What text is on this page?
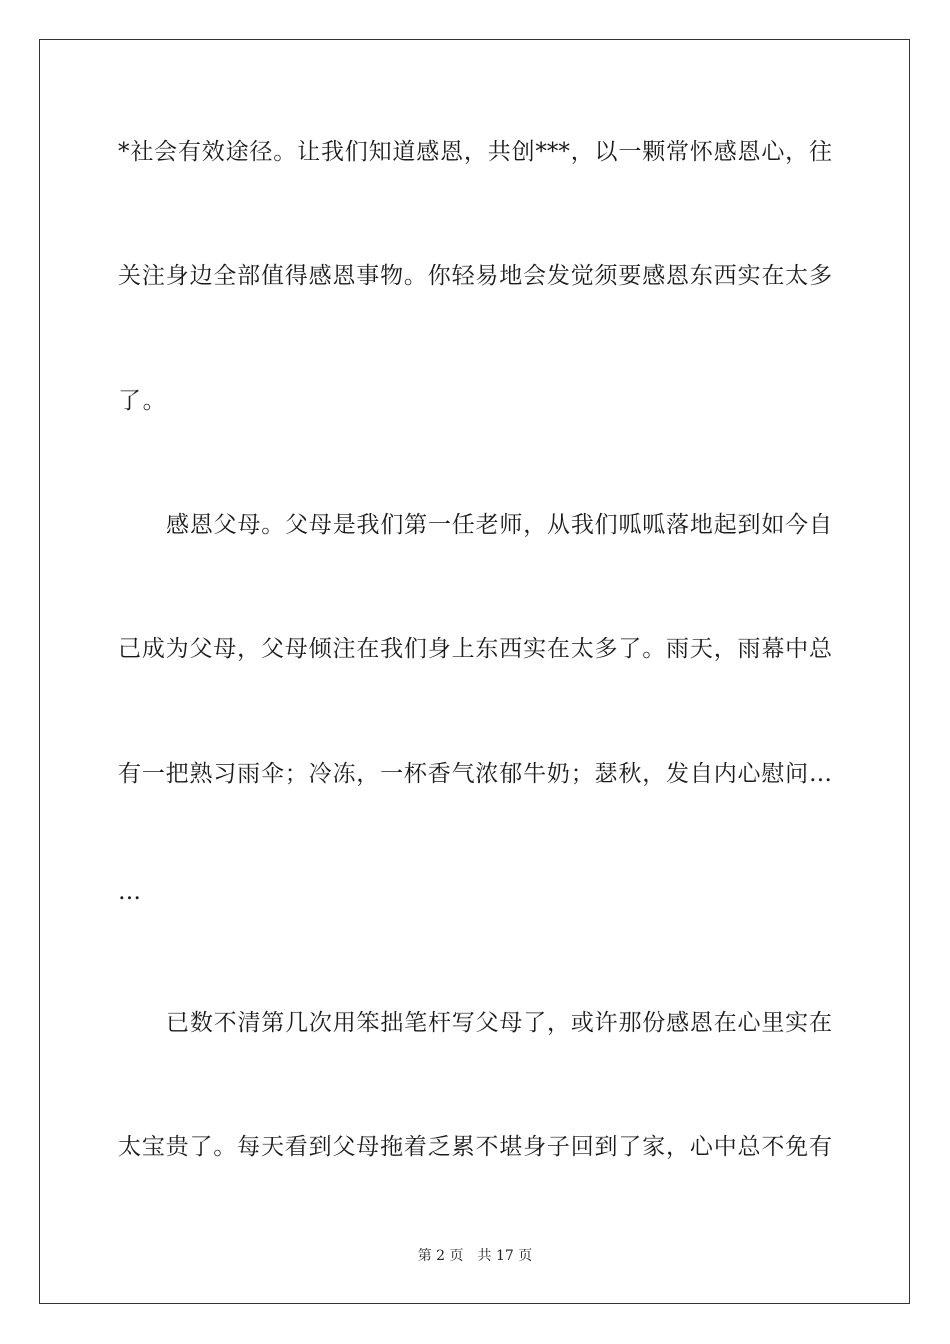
*社会有效途径。让我们知道感恩，共创***，以一颗常怀感恩心，往
关注身边全部值得感恩事物。你轻易地会发觉须要感恩东西实在太多
了。
感恩父母。父母是我们第一任老师，从我们呱呱落地起到如今自
己成为父母，父母倾注在我们身上东西实在太多了。雨天，雨幕中总
有一把熟习雨伞；冷冻，一杯香气浓郁牛奶；瑟秋，发自内心慰问…
…
已数不清第几次用笨拙笔杆写父母了，或许那份感恩在心里实在
太宝贵了。每天看到父母拖着乏累不堪身子回到了家，心中总不免有
第 2 页 共 17 页
